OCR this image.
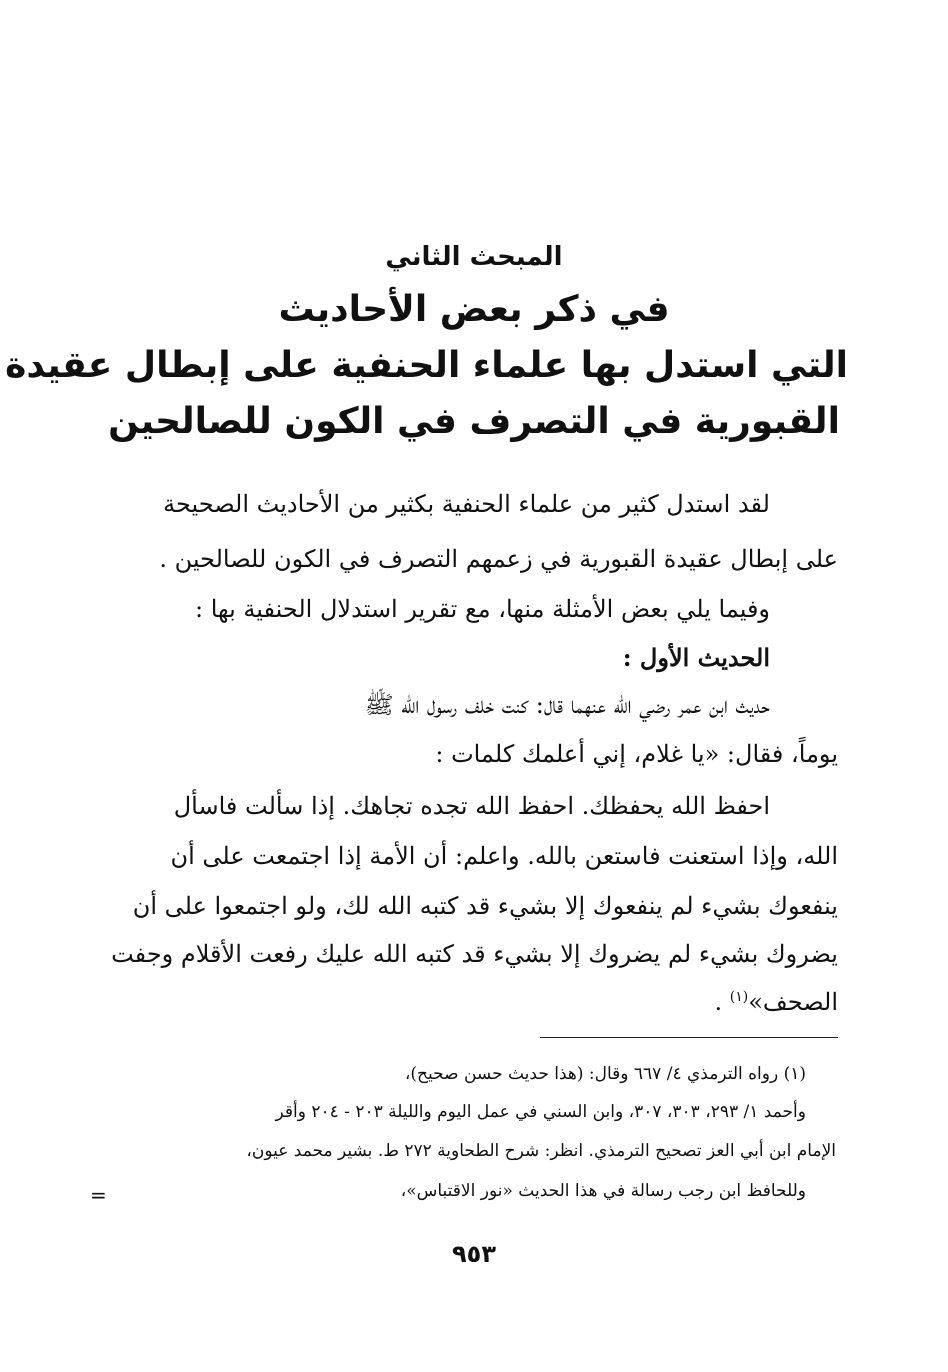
المبحث الثاني
في ذكر بعض الأحاديث
التي استدل بها علماء الحنفية على إبطال عقيدة
القبورية في التصرف في الكون للصالحين
لقد استدل كثير من علماء الحنفية بكثير من الأحاديث الصحيحة
على إبطال عقيدة القبورية في زعمهم التصرف في الكون للصالحين .
وفيما يلي بعض الأمثلة منها، مع تقرير استدلال الحنفية بها :
الحديث الأول :
حديث ابن عمر رضي الله عنهما قال: كنت خلف رسول الله ﷺ
يوماً، فقال: «يا غلام، إني أعلمك كلمات :
احفظ الله يحفظك. احفظ الله تجده تجاهك. إذا سألت فاسأل
الله، وإذا استعنت فاستعن بالله. واعلم: أن الأمة إذا اجتمعت على أن
ينفعوك بشيء لم ينفعوك إلا بشيء قد كتبه الله لك، ولو اجتمعوا على أن
يضروك بشيء لم يضروك إلا بشيء قد كتبه الله عليك رفعت الأقلام وجفت
الصحف»$^{(١)}$ .
(١) رواه الترمذي ٤/ ٦٦٧ وقال: (هذا حديث حسن صحيح)،
وأحمد ١/ ٢٩٣، ٣٠٣، ٣٠٧، وابن السني في عمل اليوم والليلة ٢٠٣ - ٢٠٤ وأقر
الإمام ابن أبي العز تصحيح الترمذي. انظر: شرح الطحاوية ٢٧٢ ط. بشير محمد عيون،
وللحافظ ابن رجب رسالة في هذا الحديث «نور الاقتباس»،
=
٩٥٣
